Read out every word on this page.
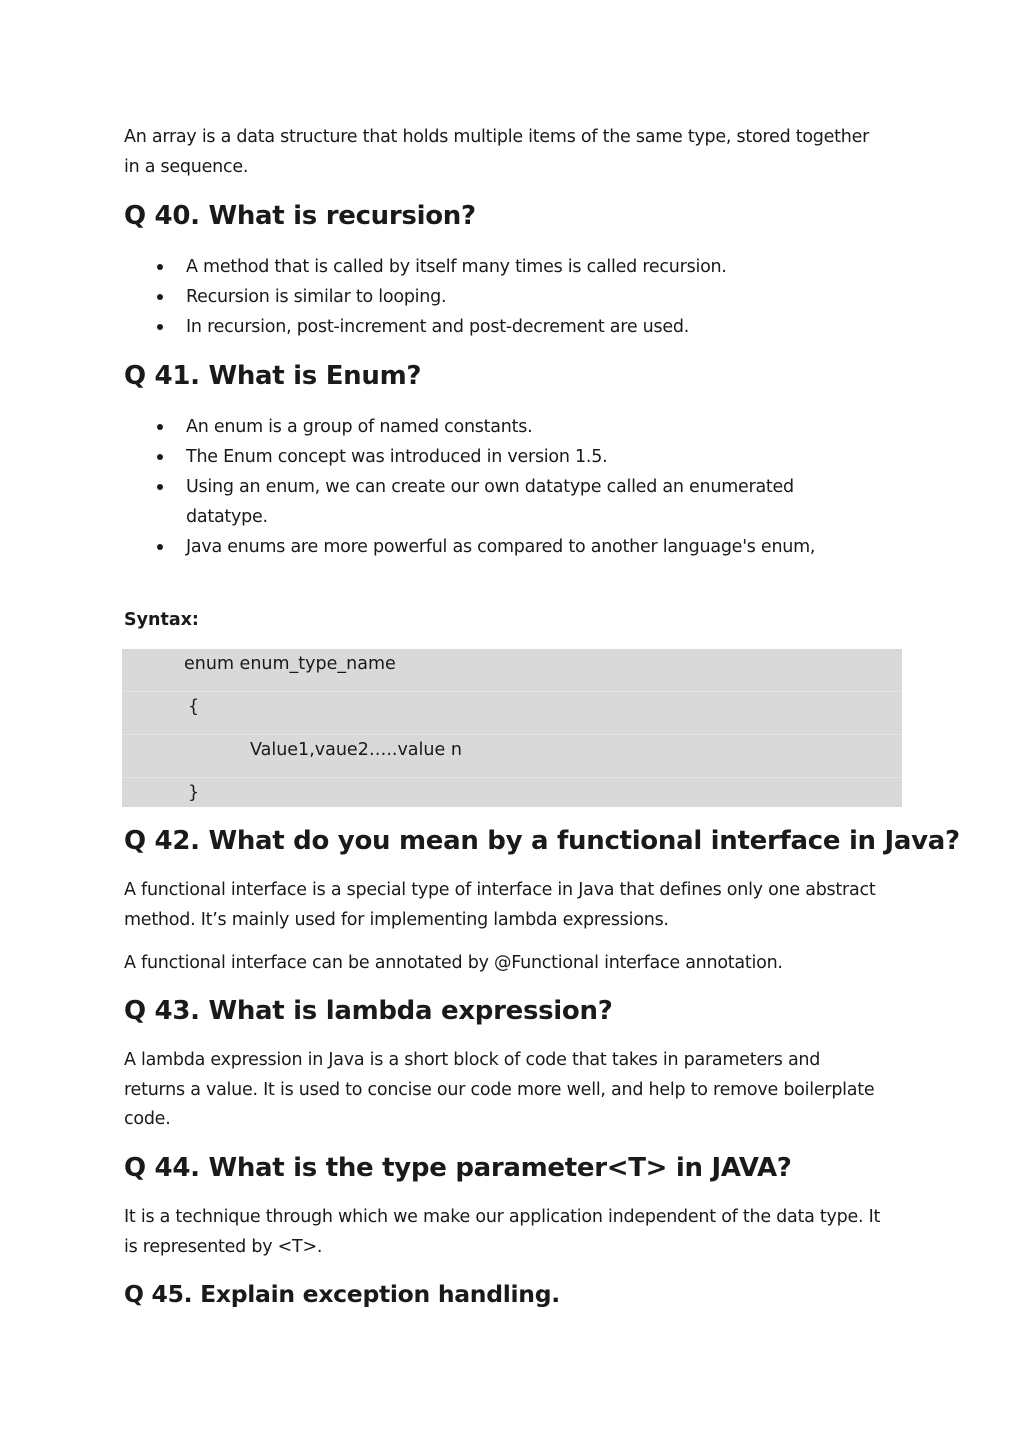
An array is a data structure that holds multiple items of the same type, stored together in a sequence.

Q 40. What is recursion?
A method that is called by itself many times is called recursion.
Recursion is similar to looping.
In recursion, post-increment and post-decrement are used.
Q 41. What is Enum?
An enum is a group of named constants.
The Enum concept was introduced in version 1.5.
Using an enum, we can create our own datatype called an enumerated datatype.
Java enums are more powerful as compared to another language's enum,
Syntax:
Q 42. What do you mean by a functional interface in Java?

A functional interface is a special type of interface in Java that defines only one abstract method. It’s mainly used for implementing lambda expressions.

A functional interface can be annotated by @Functional interface annotation.

Q 43. What is lambda expression?

A lambda expression in Java is a short block of code that takes in parameters and returns a value. It is used to concise our code more well, and help to remove boilerplate code.

Q 44. What is the type parameter<T> in JAVA?

It is a technique through which we make our application independent of the data type. It is represented by <T>.

Q 45. Explain exception handling.
enum enum_type_name
{
Value1,vaue2…..value n
}
